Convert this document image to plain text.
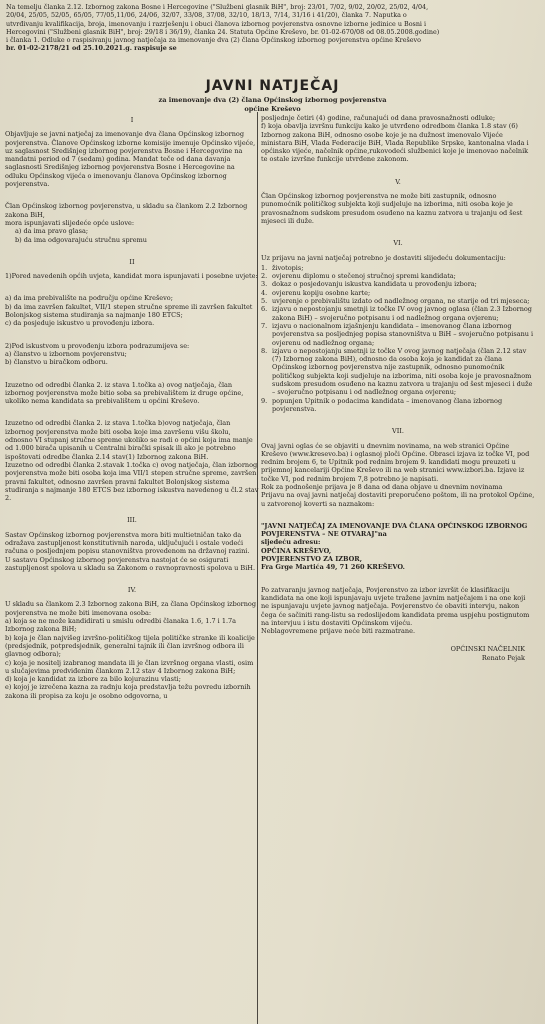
Na temelju članka 2.12. Izbornog zakona Bosne i Hercegovine ("Službeni glasnik BiH", broj: 23/01, 7/02, 9/02, 20/02, 25/02, 4/04,
20/04, 25/05, 52/05, 65/05, 77/05,11/06, 24/06, 32/07, 33/08, 37/08, 32/10, 18/13, 7/14, 31/16 i 41/20), članka 7. Naputka o
utvrđivanju kvalifikacija, broja, imenovanju i razrješenju i obuci članova izbornog povjerenstva osnovne izborne jedinice u Bosni i
Hercegovini ("Službeni glasnik BiH", broj: 29/18 i 36/19), članka 24. Statuta Općine Kreševo, br. 01-02-670/08 od 08.05.2008.godine)
i članka 1. Odluke o raspisivanju javnog natječaja za imenovanje dva (2) člana Općinskog izbornog povjerenstva općine Kreševo
br. 01-02-2178/21 od 25.10.2021.g. raspisuje se
JAVNI NATJEČAJ
za imenovanje dva (2) člana Općinskog izbornog povjerenstva
općine Kreševo
I

Objavljuje se javni natječaj za imenovanje dva člana Općinskog izbornog povjerenstva. Članove Općinskog izborne komisije imenuje Općinsko vijeće, uz saglasnost Središnjeg izbornog povjerenstva Bosne i Hercegovine na mandatni period od 7 (sedam) godina. Mandat teče od dana davanja saglasnosti Središnjeg izbornog povjerenstva Bosne i Hercegovine na odluku Općinskog vijeća o imenovanju članova Općinskog izbornog povjerenstva.

Član Općinskog izbornog povjerenstva, u skladu sa člankom 2.2 Izbornog zakona BiH,

mora ispunjavati slijedeće opće uslove:

a) da ima pravo glasa;

b) da ima odgovarajuću stručnu spremu

II

1)Pored navedenih općih uvjeta, kandidat mora ispunjavati i posebne uvjete:

a) da ima prebivalište na području općine Kreševo;

b) da ima završen fakultet, VII/1 stepen stručne spreme ili završen fakultet Bolonjskog sistema studiranja sa najmanje 180 ETCS;

c) da posjeduje iskustvo u provođenju izbora.

2)Pod iskustvom u provođenju izbora podrazumijeva se:

a) članstvo u izbornom povjerenstvu;

b) članstvo u biračkom odboru.

Izuzetno od odredbi članka 2. iz stava 1.točka a) ovog natječaja, član izbornog povjerenstva može bitio soba sa prebivalištem iz druge općine, ukoliko nema kandidata sa prebivalištem u općini Kreševo.

Izuzetno od odredbi članka 2. iz stava 1.točka b)ovog natječaja, član izbornog povjerenstva može biti osoba koje ima završenu višu školu, odnosno VI stupanj stručne spreme ukoliko se radi o općini koja ima manje od 1.000 birača upisanih u Centralni birački spisak ili ako je potrebno ispoštovati odredbe članka 2.14 stav(1) Izbornog zakona BiH.

Izuzetno od odredbi članka 2.stavak 1.točka c) ovog natječaja, član izbornog povjerenstva može biti osoba koja ima VII/1 stepen stručne spreme, završen pravni fakultet, odnosno završen pravni fakultet Bolonjskog sistema studiranja s najmanje 180 ETCS bez izbornog iskustva navedenog u čl.2 stav 2.

III.

Sastav Općinskog izbornog povjerenstva mora biti multietničan tako da odražava zastupljenost konstitutivnih naroda, uključujući i ostale vodeći računa o posljednjem popisu stanovništva provedenom na državnoj razini.

U sastavu Općinskog izbornog povjerenstva nastojat će se osigurati zastupljenost spolova u skladu sa Zakonom o ravnopravnosti spolova u BiH.

IV.

U skladu sa člankom 2.3 Izbornog zakona BiH, za člana Općinskog izbornog povjerenstva ne može biti imenovana osoba:

a) koja se ne može kandidirati u smislu odredbi članaka 1.6, 1.7 i 1.7a Izbornog zakona BiH;

b) koja je član najvišeg izvršno-političkog tijela političke stranke ili koalicije (predsjednik, potpredsjednik, generalni tajnik ili član izvršnog odbora ili glavnog odbora);

c) koja je nositelj izabranog mandata ili je član izvršnog organa vlasti, osim u slučajevima predviđenim člankom 2.12 stav 4 Izbornog zakona BiH;

d) koja je kandidat za izbore za bilo kojurazinu vlasti;

e) kojoj je izrečena kazna za radnju koja predstavlja težu povredu izbornih zakona ili propisa za koju je osobno odgovorna, u

posljednje četiri (4) godine, računajući od dana pravosnažnosti odluke;

f) koja obavlja izvršnu funkciju kako je utvrđeno odredbom članka 1.8 stav (6) Izbornog zakona BiH, odnosno osobe koje je na dužnost imenovalo Vijeće ministara BiH, Vlada Federacije BiH, Vlada Republike Srpske, kantonalna vlada i općinsko vijeće, načelnik općine,rukovodeći službenici koje je imenovao načelnik te ostale izvršne funkcije utvrđene zakonom.

V.

Član Općinskog izbornog povjerenstva ne može biti zastupnik, odnosno punomoćnik političkog subjekta koji sudjeluje na izborima, niti osoba koje je pravosnažnom sudskom presudom osuđeno na kaznu zatvora u trajanju od šest mjeseci ili duže.

VI.

Uz prijavu na javni natječaj potrebno je dostaviti slijedeću dokumentaciju:

1. životopis;
2. ovjerenu diplomu o stečenoj stručnoj spremi kandidata;
3. dokaz o posjedovanju iskustva kandidata u provođenju izbora;
4. ovjerenu kopiju osobne karte;
5. uvjerenje o prebivalištu izdato od nadležnog organa, ne starije od tri mjeseca;
6. izjavu o nepostojanju smetnji iz točke IV ovog javnog oglasa (član 2.3 Izbornog zakona BiH) – svojeručno potpisanu i od nadležnog organa ovjerenu;
7. izjavu o nacionalnom izjašnjenju kandidata – imenovanog člana izbornog povjerenstva sa posljednjeg popisa stanovništva u BiH – svojeručno potpisanu i ovjerenu od nadležnog organa;
8. izjavu o nepostojanju smetnji iz točke V ovog javnog natječaja (član 2.12 stav (7) Izbornog zakona BiH), odnosno da osoba koja je kandidat za člana Općinskog izbornog povjerenstva nije zastupnik, odnosno punomoćnik političkog subjekta koji sudjeluje na izborima, niti osoba koje je pravosnažnom sudskom presudom osuđeno na kaznu zatvora u trajanju od šest mjeseci i duže – svojeručno potpisanu i od nadležnog organa ovjerenu;
9. popunjen Upitnik o podacima kandidata – imenovanog člana izbornog povjerenstva.
VII.

Ovaj javni oglas će se objaviti u dnevnim novinama, na web stranici Općine Kreševo (www.kresevo.ba) i oglasnoj ploči Općine. Obrasci izjava iz točke VI, pod rednim brojem 6, te Upitnik pod rednim brojem 9. kandidati mogu preuzeti u prijemnoj kancelariji Općine Kreševo ili na web stranici www.izbori.ba. Izjave iz točke VI, pod rednim brojem 7,8 potrebno je napisati.

Rok za podnošenje prijava je 8 dana od dana objave u dnevnim novinama

Prijavu na ovaj javni natječaj dostaviti preporučeno poštom, ili na protokol Općine, u zatvorenoj koverti sa naznakom:

"JAVNI NATJEČAJ ZA IMENOVANJE DVA ČLANA OPĆINSKOG IZBORNOG POVJERENSTVA – NE OTVARAJ"na

sljedeću adresu:

OPĆINA KREŠEVO,

POVJERENSTVO ZA IZBOR,

Fra Grge Martića 49, 71 260 KREŠEVO.

Po zatvaranju javnog natječaja, Povjerenstvo za izbor izvršit će klasifikaciju kandidata na one koji ispunjavaju uvjete tražene javnim natječajem i na one koji ne ispunjavaju uvjete javnog natječaja. Povjerenstvo će obaviti intervju, nakon čega će sačiniti rang-listu sa redoslijedom kandidata prema uspjehu postignutom na intervjuu i istu dostaviti Općinskom vijeću.

Neblagovremene prijave neće biti razmatrane.

OPĆINSKI NAČELNIK
Renato Pejak
